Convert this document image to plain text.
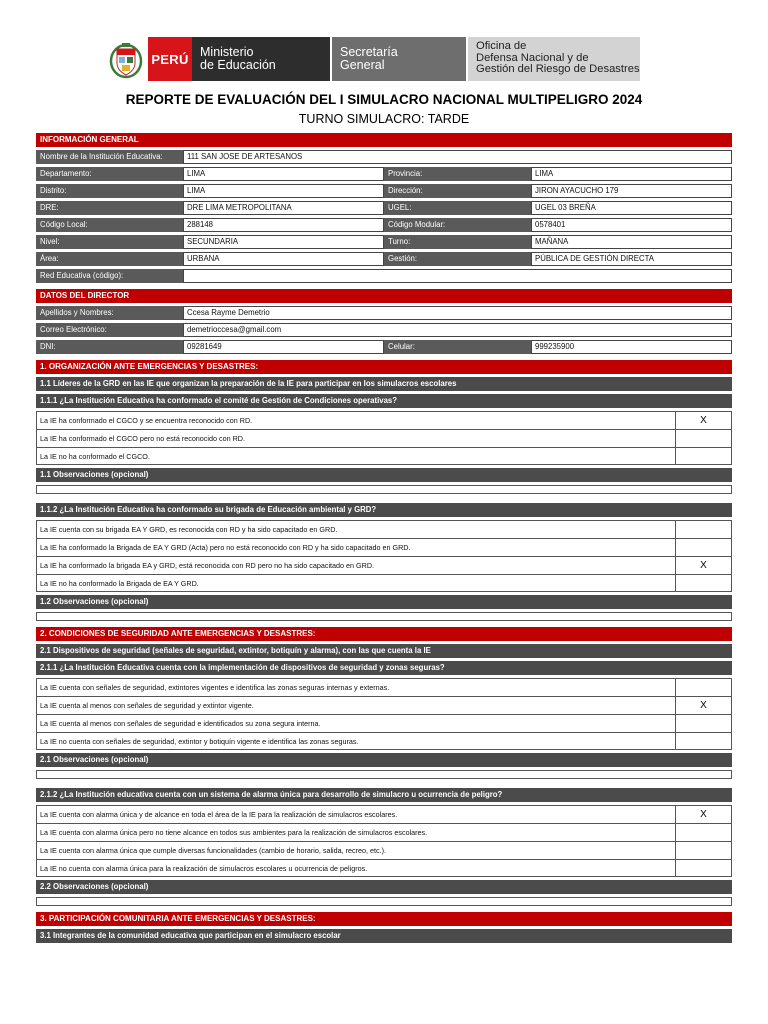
PERÚ Ministerio
de Educación
Secretaría
General
Oficina de
Defensa Nacional y de
Gestión del Riesgo de Desastres
REPORTE DE EVALUACIÓN DEL I SIMULACRO NACIONAL MULTIPELIGRO 2024
TURNO SIMULACRO: TARDE
INFORMACIÓN GENERAL
Nombre de la Institución Educativa:	111 SAN JOSE DE ARTESANOS
Departamento:	LIMA	Provincia:	LIMA
Distrito:	LIMA	Dirección:	JIRON AYACUCHO 179
DRE:	DRE LIMA METROPOLITANA	UGEL:	UGEL 03 BREÑA
Código Local:	288148	Código Modular:	0578401
Nivel:	SECUNDARIA	Turno:	MAÑANA
Área:	URBANA	Gestión:	PÚBLICA DE GESTIÓN DIRECTA
Red Educativa (código):
DATOS DEL DIRECTOR
Apellidos y Nombres:	Ccesa Rayme Demetrio
Correo Electrónico:	demetrioccesa@gmail.com
DNI:	09281649	Celular:	999235900
1. ORGANIZACIÓN ANTE EMERGENCIAS Y DESASTRES:
1.1 Líderes de la GRD en las IE que organizan la preparación de la IE para participar en los simulacros escolares
1.1.1 ¿La Institución Educativa ha conformado el comité de Gestión de Condiciones operativas?
La IE ha conformado el CGCO y se encuentra reconocido con RD.	X
La IE ha conformado el CGCO pero no está reconocido con RD.
La IE no ha conformado el CGCO.
1.1 Observaciones (opcional)
1.1.2 ¿La Institución Educativa ha conformado su brigada de Educación ambiental y GRD?
La IE cuenta con su brigada EA Y GRD, es reconocida con RD y ha sido capacitado en GRD.
La IE ha conformado la Brigada de EA Y GRD (Acta) pero no está reconocido con RD y ha sido capacitado en GRD.
La IE ha conformado la brigada EA y GRD, está reconocida con RD pero no ha sido capacitado en GRD.	X
La IE no ha conformado la Brigada de EA Y GRD.
1.2 Observaciones (opcional)
2. CONDICIONES DE SEGURIDAD ANTE EMERGENCIAS Y DESASTRES:
2.1 Dispositivos de seguridad (señales de seguridad, extintor, botiquín y alarma), con las que cuenta la IE
2.1.1 ¿La Institución Educativa cuenta con la implementación de dispositivos de seguridad y zonas seguras?
La IE cuenta con señales de seguridad, extintores vigentes e identifica las zonas seguras internas y externas.
La IE cuenta al menos con señales de seguridad y extintor vigente.	X
La IE cuenta al menos con señales de seguridad e identificados su zona segura interna.
La IE no cuenta con señales de seguridad, extintor y botiquín vigente e identifica las zonas seguras.
2.1 Observaciones (opcional)
2.1.2 ¿La Institución educativa cuenta con un sistema de alarma única para desarrollo de simulacro u ocurrencia de peligro?
La IE cuenta con alarma única y de alcance en toda el área de la IE para la realización de simulacros escolares.	X
La IE cuenta con alarma única pero no tiene alcance en todos sus ambientes para la realización de simulacros escolares.
La IE cuenta con alarma única que cumple diversas funcionalidades (cambio de horario, salida, recreo, etc.).
La IE no cuenta con alarma única para la realización de simulacros escolares u ocurrencia de peligros.
2.2 Observaciones (opcional)
3. PARTICIPACIÓN COMUNITARIA ANTE EMERGENCIAS Y DESASTRES:
3.1 Integrantes de la comunidad educativa que participan en el simulacro escolar
